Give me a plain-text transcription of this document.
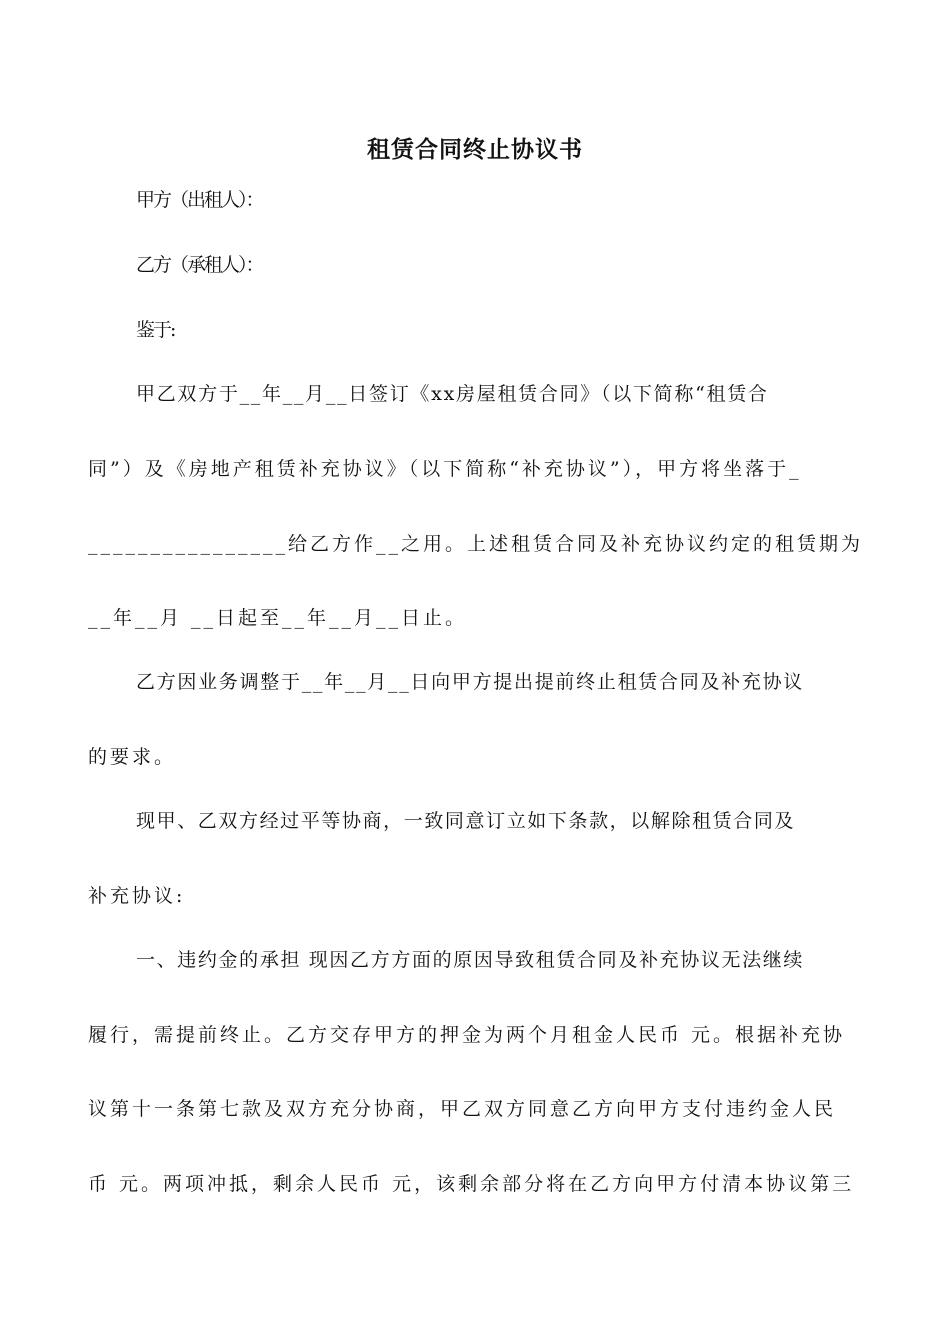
租赁合同终止协议书
甲方（出租人）：
乙方（承租人）：
鉴于:
甲乙双方于__年__月__日签订《xx房屋租赁合同》（以下简称“租赁合
同”）及《房地产租赁补充协议》（以下简称“补充协议”），甲方将坐落于_
________________给乙方作__之用。上述租赁合同及补充协议约定的租赁期为
__年__月 __日起至__年__月__日止。
乙方因业务调整于__年__月__日向甲方提出提前终止租赁合同及补充协议
的要求。
现甲、乙双方经过平等协商，一致同意订立如下条款，以解除租赁合同及
补充协议:
一、违约金的承担 现因乙方方面的原因导致租赁合同及补充协议无法继续
履行，需提前终止。乙方交存甲方的押金为两个月租金人民币 元。根据补充协
议第十一条第七款及双方充分协商，甲乙双方同意乙方向甲方支付违约金人民
币 元。两项冲抵，剩余人民币 元，该剩余部分将在乙方向甲方付清本协议第三
